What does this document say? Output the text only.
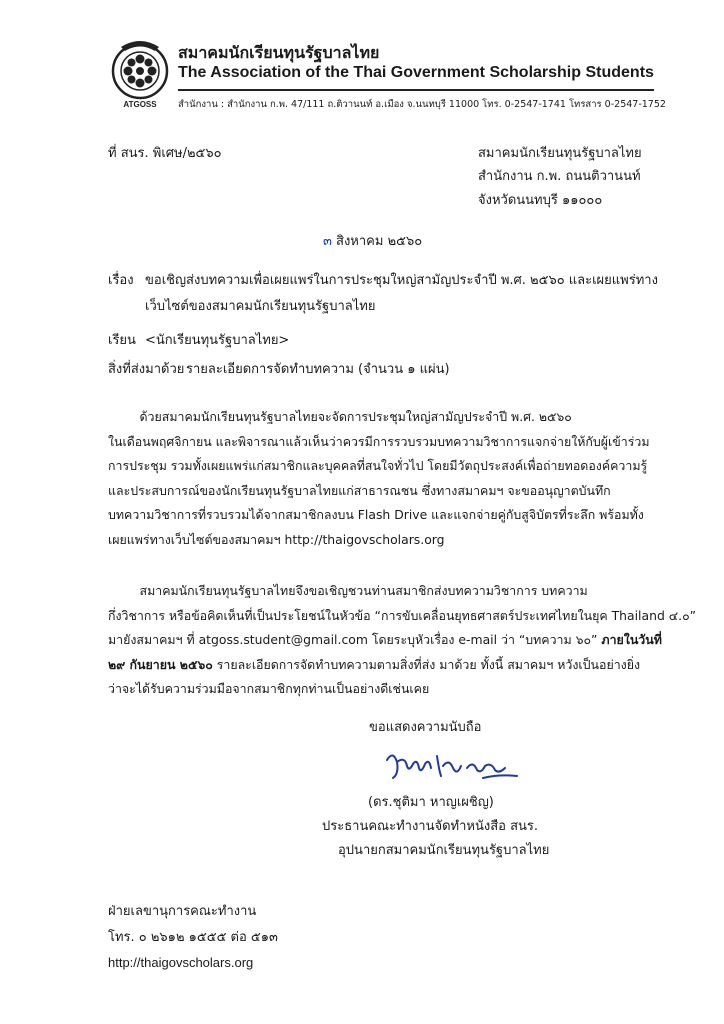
ATGOSS
สมาคมนักเรียนทุนรัฐบาลไทย
The Association of the Thai Government Scholarship Students
สำนักงาน : สำนักงาน ก.พ. 47/111 ถ.ติวานนท์ อ.เมือง จ.นนทบุรี 11000 โทร. 0-2547-1741 โทรสาร 0-2547-1752
ที่ สนร. พิเศษ/๒๕๖๐	สมาคมนักเรียนทุนรัฐบาลไทย
สำนักงาน ก.พ. ถนนติวานนท์
จังหวัดนนทบุรี ๑๑๐๐๐
๓ สิงหาคม ๒๕๖๐
เรื่อง ขอเชิญส่งบทความเพื่อเผยแพร่ในการประชุมใหญ่สามัญประจำปี พ.ศ. ๒๕๖๐ และเผยแพร่ทาง
เว็บไซต์ของสมาคมนักเรียนทุนรัฐบาลไทย
เรียน <นักเรียนทุนรัฐบาลไทย>
สิ่งที่ส่งมาด้วย รายละเอียดการจัดทำบทความ (จำนวน ๑ แผ่น)
ด้วยสมาคมนักเรียนทุนรัฐบาลไทยจะจัดการประชุมใหญ่สามัญประจำปี พ.ศ. ๒๕๖๐
ในเดือนพฤศจิกายน และพิจารณาแล้วเห็นว่าควรมีการรวบรวมบทความวิชาการแจกจ่ายให้กับผู้เข้าร่วม
การประชุม รวมทั้งเผยแพร่แก่สมาชิกและบุคคลที่สนใจทั่วไป โดยมีวัตถุประสงค์เพื่อถ่ายทอดองค์ความรู้
และประสบการณ์ของนักเรียนทุนรัฐบาลไทยแก่สาธารณชน ซึ่งทางสมาคมฯ จะขออนุญาตบันทึก
บทความวิชาการที่รวบรวมได้จากสมาชิกลงบน Flash Drive และแจกจ่ายคู่กับสูจิบัตรที่ระลึก พร้อมทั้ง
เผยแพร่ทางเว็บไซต์ของสมาคมฯ http://thaigovscholars.org
สมาคมนักเรียนทุนรัฐบาลไทยจึงขอเชิญชวนท่านสมาชิกส่งบทความวิชาการ บทความ
กึ่งวิชาการ หรือข้อคิดเห็นที่เป็นประโยชน์ในหัวข้อ “การขับเคลื่อนยุทธศาสตร์ประเทศไทยในยุค Thailand ๔.๐”
มายังสมาคมฯ ที่ atgoss.student@gmail.com โดยระบุหัวเรื่อง e-mail ว่า “บทความ ๖๐” ภายในวันที่
๒๙ กันยายน ๒๕๖๐ รายละเอียดการจัดทำบทความตามสิ่งที่ส่ง มาด้วย ทั้งนี้ สมาคมฯ หวังเป็นอย่างยิ่ง
ว่าจะได้รับความร่วมมือจากสมาชิกทุกท่านเป็นอย่างดีเช่นเคย
ขอแสดงความนับถือ
(ดร.ชุติมา หาญเผชิญ)
ประธานคณะทำงานจัดทำหนังสือ สนร.
อุปนายกสมาคมนักเรียนทุนรัฐบาลไทย
ฝ่ายเลขานุการคณะทำงาน
โทร. ๐ ๒๖๑๒ ๑๕๕๕ ต่อ ๕๑๓
http://thaigovscholars.org
